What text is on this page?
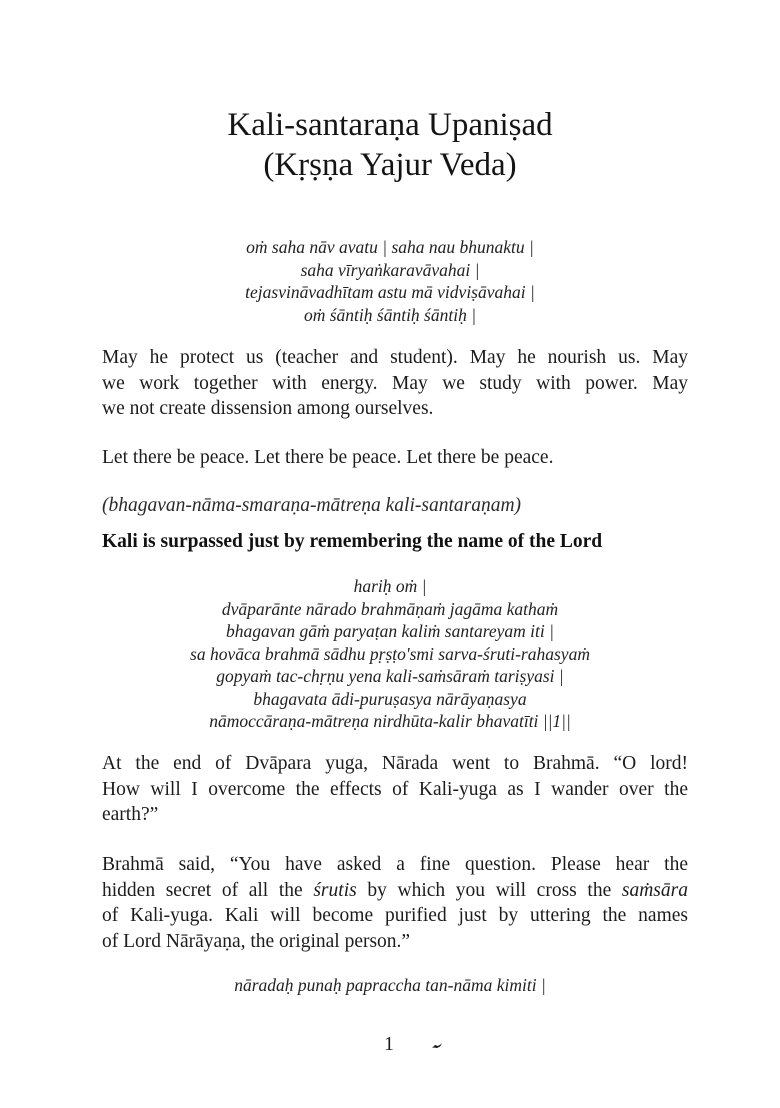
Kali-santaraṇa Upaniṣad
(Kṛṣṇa Yajur Veda)
oṁ saha nāv avatu | saha nau bhunaktu |
saha vīryaṅkaravāvahai |
tejasvināvadhītam astu mā vidviṣāvahai |
oṁ śāntiḥ śāntiḥ śāntiḥ |
May he protect us (teacher and student). May he nourish us. May
we work together with energy. May we study with power. May
we not create dissension among ourselves.
Let there be peace. Let there be peace. Let there be peace.
(bhagavan-nāma-smaraṇa-mātreṇa kali-santaraṇam)
Kali is surpassed just by remembering the name of the Lord
hariḥ oṁ |
dvāparānte nārado brahmāṇaṁ jagāma kathaṁ
bhagavan gāṁ paryaṭan kaliṁ santareyam iti |
sa hovāca brahmā sādhu pṛṣṭo'smi sarva-śruti-rahasyaṁ
gopyaṁ tac-chṛṇu yena kali-saṁsāraṁ tariṣyasi |
bhagavata ādi-puruṣasya nārāyaṇasya
nāmoccāraṇa-mātreṇa nirdhūta-kalir bhavatīti ||1||
At the end of Dvāpara yuga, Nārada went to Brahmā. “O lord!
How will I overcome the effects of Kali-yuga as I wander over the
earth?”
Brahmā said, “You have asked a fine question. Please hear the
hidden secret of all the śrutis by which you will cross the saṁsāra
of Kali-yuga. Kali will become purified just by uttering the names
of Lord Nārāyaṇa, the original person.”
nāradaḥ punaḥ papraccha tan-nāma kimiti |
1
